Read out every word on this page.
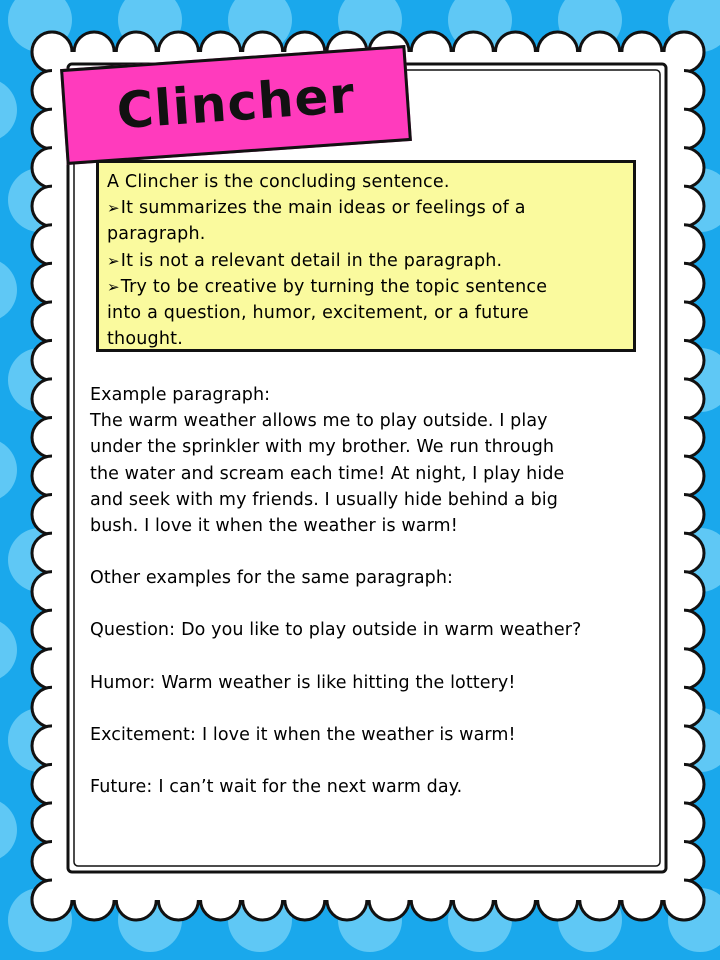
Clincher
A Clincher is the concluding sentence.
➢It summarizes the main ideas or feelings of a
paragraph.
➢It is not a relevant detail in the paragraph.
➢Try to be creative by turning the topic sentence
into a question, humor, excitement, or a future
thought.
Example paragraph:
The warm weather allows me to play outside. I play
under the sprinkler with my brother. We run through
the water and scream each time! At night, I play hide
and seek with my friends. I usually hide behind a big
bush. I love it when the weather is warm!
Other examples for the same paragraph:
Question: Do you like to play outside in warm weather?
Humor: Warm weather is like hitting the lottery!
Excitement: I love it when the weather is warm!
Future: I can’t wait for the next warm day.
